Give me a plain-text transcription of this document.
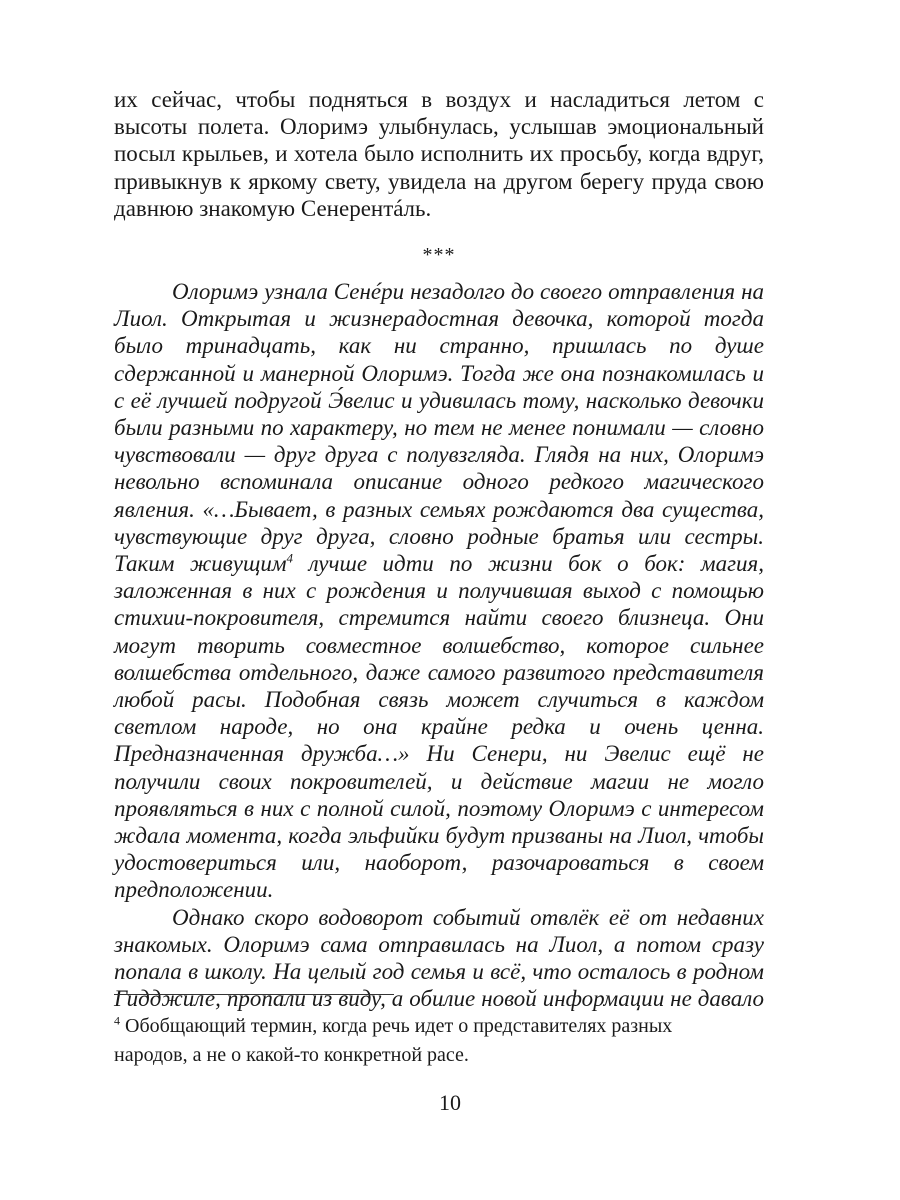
их сейчас, чтобы подняться в воздух и насладиться летом с высоты полета. Олоримэ улыбнулась, услышав эмоциональный посыл крыльев, и хотела было исполнить их просьбу, когда вдруг, привыкнув к яркому свету, увидела на другом берегу пруда свою давнюю знакомую Сенерентáль.

***

Олоримэ узнала Сенéри незадолго до своего отправления на Лиол. Открытая и жизнерадостная девочка, которой тогда было тринадцать, как ни странно, пришлась по душе сдержанной и манерной Олоримэ. Тогда же она познакомилась и с её лучшей подругой Э́велис и удивилась тому, насколько девочки были разными по характеру, но тем не менее понимали — словно чувствовали — друг друга с полувзгляда. Глядя на них, Олоримэ невольно вспоминала описание одного редкого магического явления. «…Бывает, в разных семьях рождаются два существа, чувствующие друг друга, словно родные братья или сестры. Таким живущим$^4$ лучше идти по жизни бок о бок: магия, заложенная в них с рождения и получившая выход с помощью стихии-покровителя, стремится найти своего близнеца. Они могут творить совместное волшебство, которое сильнее волшебства отдельного, даже самого развитого представителя любой расы. Подобная связь может случиться в каждом светлом народе, но она крайне редка и очень ценна. Предназначенная дружба…» Ни Сенери, ни Эвелис ещё не получили своих покровителей, и действие магии не могло проявляться в них с полной силой, поэтому Олоримэ с интересом ждала момента, когда эльфийки будут призваны на Лиол, чтобы удостовериться или, наоборот, разочароваться в своем предположении.

Однако скоро водоворот событий отвлёк её от недавних знакомых. Олоримэ сама отправилась на Лиол, а потом сразу попала в школу. На целый год семья и всё, что осталось в родном Гидджиле, пропали из виду, а обилие новой информации не давало

$^4$ Обобщающий термин, когда речь идет о представителях разных народов, а не о какой-то конкретной расе.
10
